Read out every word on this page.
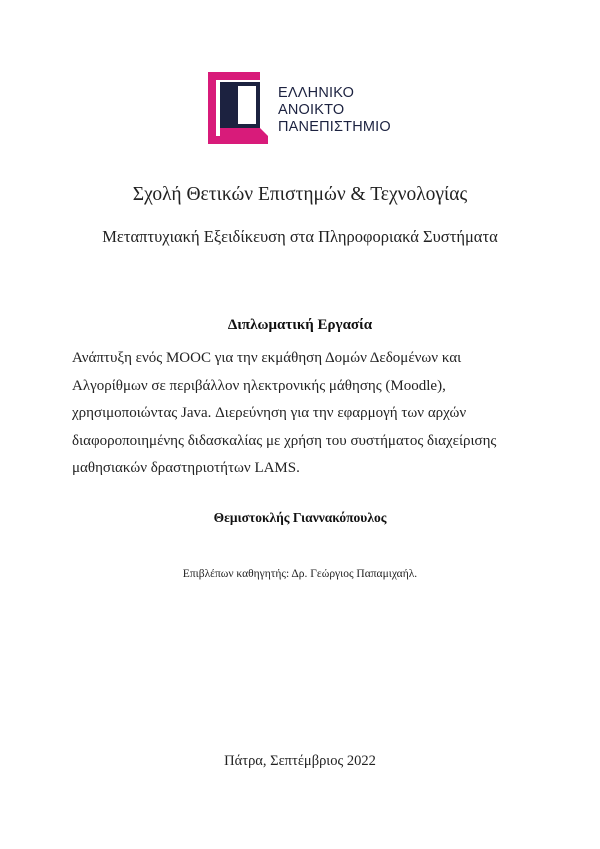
ΕΛΛΗΝΙΚΟ
ΑΝΟΙΚΤΟ
ΠΑΝΕΠΙΣΤΗΜΙΟ
Σχολή Θετικών Επιστημών & Τεχνολογίας
Μεταπτυχιακή Εξειδίκευση στα Πληροφοριακά Συστήματα
Διπλωματική Εργασία
Ανάπτυξη ενός MOOC για την εκμάθηση Δομών Δεδομένων και
Αλγορίθμων σε περιβάλλον ηλεκτρονικής μάθησης (Moodle),
χρησιμοποιώντας Java. Διερεύνηση για την εφαρμογή των αρχών
διαφοροποιημένης διδασκαλίας με χρήση του συστήματος διαχείρισης
μαθησιακών δραστηριοτήτων LAMS.
Θεμιστοκλής Γιαννακόπουλος
Επιβλέπων καθηγητής: Δρ. Γεώργιος Παπαμιχαήλ.
Πάτρα, Σεπτέμβριος 2022
